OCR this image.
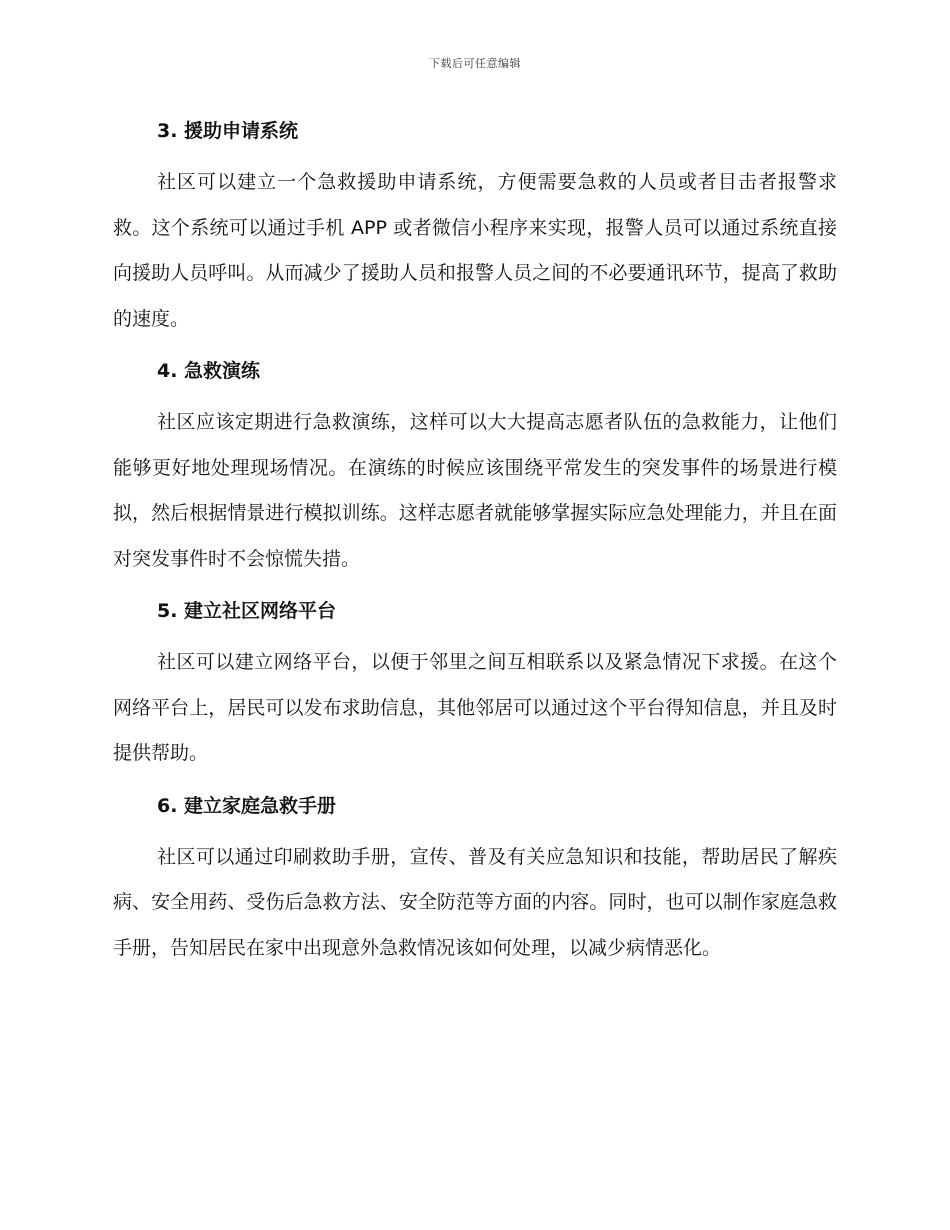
下载后可任意编辑
3. 援助申请系统

社区可以建立一个急救援助申请系统，方便需要急救的人员或者目击者报警求救。这个系统可以通过手机 APP 或者微信小程序来实现，报警人员可以通过系统直接向援助人员呼叫。从而减少了援助人员和报警人员之间的不必要通讯环节，提高了救助的速度。

4. 急救演练

社区应该定期进行急救演练，这样可以大大提高志愿者队伍的急救能力，让他们能够更好地处理现场情况。在演练的时候应该围绕平常发生的突发事件的场景进行模拟，然后根据情景进行模拟训练。这样志愿者就能够掌握实际应急处理能力，并且在面对突发事件时不会惊慌失措。

5. 建立社区网络平台

社区可以建立网络平台，以便于邻里之间互相联系以及紧急情况下求援。在这个网络平台上，居民可以发布求助信息，其他邻居可以通过这个平台得知信息，并且及时提供帮助。

6. 建立家庭急救手册

社区可以通过印刷救助手册，宣传、普及有关应急知识和技能，帮助居民了解疾病、安全用药、受伤后急救方法、安全防范等方面的内容。同时，也可以制作家庭急救手册，告知居民在家中出现意外急救情况该如何处理，以减少病情恶化。
